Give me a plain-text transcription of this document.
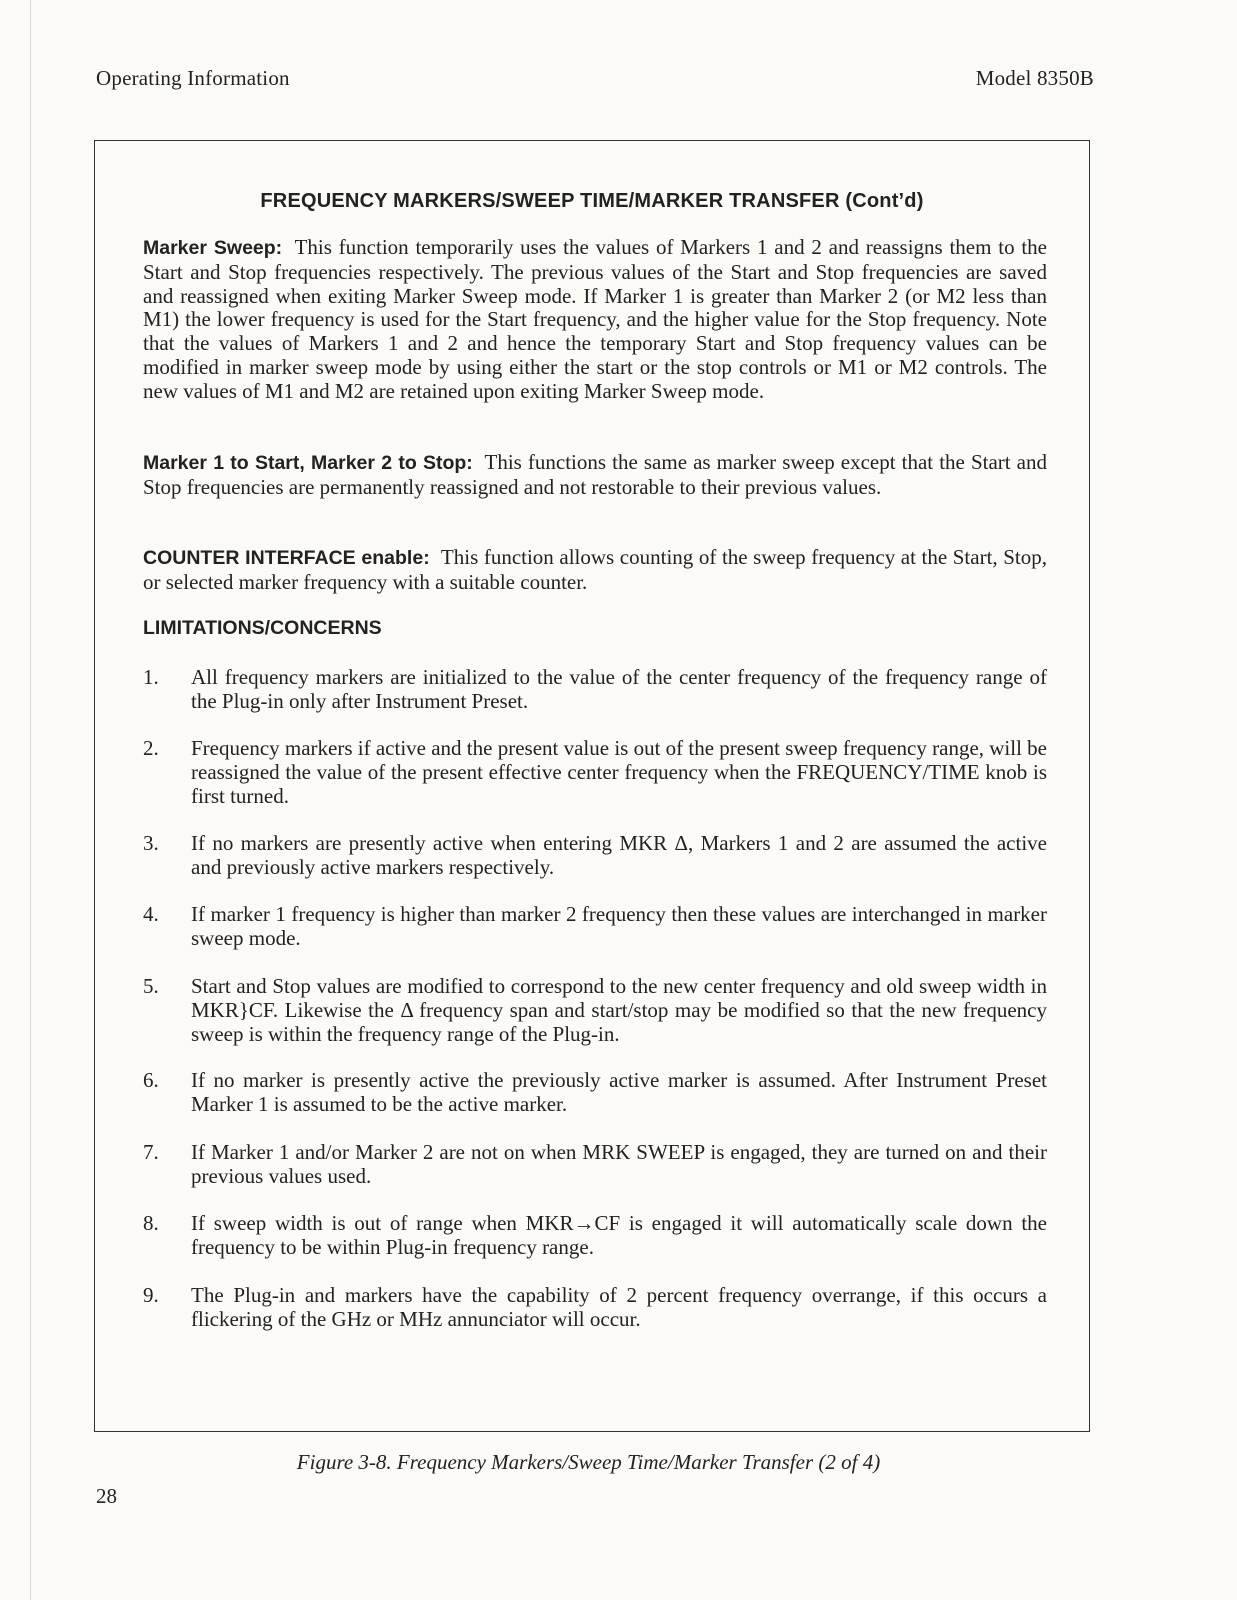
Operating Information	Model 8350B
FREQUENCY MARKERS/SWEEP TIME/MARKER TRANSFER (Cont’d)

Marker Sweep: This function temporarily uses the values of Markers 1 and 2 and reassigns them to the Start and Stop frequencies respectively. The previous values of the Start and Stop frequencies are saved and reassigned when exiting Marker Sweep mode. If Marker 1 is greater than Marker 2 (or M2 less than M1) the lower frequency is used for the Start frequency, and the higher value for the Stop frequency. Note that the values of Markers 1 and 2 and hence the temporary Start and Stop frequency values can be modified in marker sweep mode by using either the start or the stop controls or M1 or M2 controls. The new values of M1 and M2 are retained upon exiting Marker Sweep mode.

Marker 1 to Start, Marker 2 to Stop: This functions the same as marker sweep except that the Start and Stop frequencies are permanently reassigned and not restorable to their previous values.

COUNTER INTERFACE enable: This function allows counting of the sweep frequency at the Start, Stop, or selected marker frequency with a suitable counter.

LIMITATIONS/CONCERNS
1.	All frequency markers are initialized to the value of the center frequency of the frequency range of the Plug-in only after Instrument Preset.

2.	Frequency markers if active and the present value is out of the present sweep frequency range, will be reassigned the value of the present effective center frequency when the FREQUENCY/TIME knob is first turned.

3.	If no markers are presently active when entering MKR Δ, Markers 1 and 2 are assumed the active and previously active markers respectively.

4.	If marker 1 frequency is higher than marker 2 frequency then these values are interchanged in marker sweep mode.

5.	Start and Stop values are modified to correspond to the new center frequency and old sweep width in MKR}CF. Likewise the Δ frequency span and start/stop may be modified so that the new frequency sweep is within the frequency range of the Plug-in.

6.	If no marker is presently active the previously active marker is assumed. After Instrument Preset Marker 1 is assumed to be the active marker.

7.	If Marker 1 and/or Marker 2 are not on when MRK SWEEP is engaged, they are turned on and their previous values used.

8.	If sweep width is out of range when MKR→CF is engaged it will automatically scale down the frequency to be within Plug-in frequency range.

9.	The Plug-in and markers have the capability of 2 percent frequency overrange, if this occurs a flickering of the GHz or MHz annunciator will occur.

Figure 3-8. Frequency Markers/Sweep Time/Marker Transfer (2 of 4)
28
